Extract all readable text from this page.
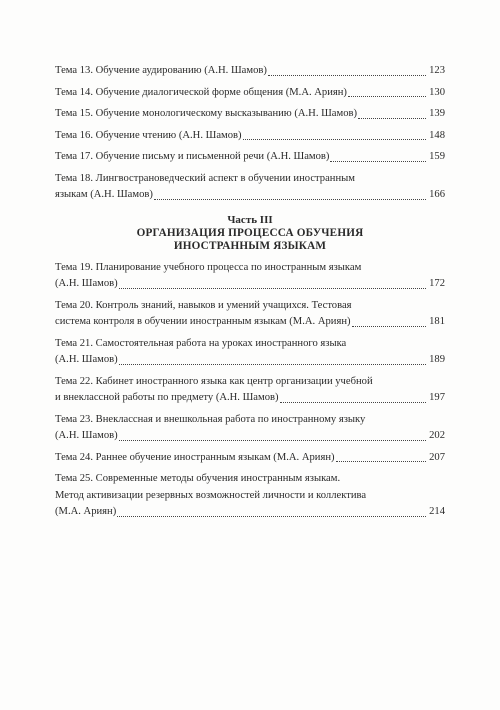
Тема 13. Обучение аудированию (А.Н. Шамов)	123
Тема 14. Обучение диалогической форме общения (М.А. Ариян)	130
Тема 15. Обучение монологическому высказыванию (А.Н. Шамов)	139
Тема 16. Обучение чтению (А.Н. Шамов)	148
Тема 17. Обучение письму и письменной речи (А.Н. Шамов)	159
Тема 18. Лингвострановедческий аспект в обучении иностранным
языкам (А.Н. Шамов)	166
Часть III
ОРГАНИЗАЦИЯ ПРОЦЕССА ОБУЧЕНИЯ
ИНОСТРАННЫМ ЯЗЫКАМ
Тема 19. Планирование учебного процесса по иностранным языкам
(А.Н. Шамов)	172
Тема 20. Контроль знаний, навыков и умений учащихся. Тестовая
система контроля в обучении иностранным языкам (М.А. Ариян)	181
Тема 21. Самостоятельная работа на уроках иностранного языка
(А.Н. Шамов)	189
Тема 22. Кабинет иностранного языка как центр организации учебной
и внеклассной работы по предмету (А.Н. Шамов)	197
Тема 23. Внеклассная и внешкольная работа по иностранному языку
(А.Н. Шамов)	202
Тема 24. Раннее обучение иностранным языкам (М.А. Ариян)	207
Тема 25. Современные методы обучения иностранным языкам.
Метод активизации резервных возможностей личности и коллектива
(М.А. Ариян)	214
